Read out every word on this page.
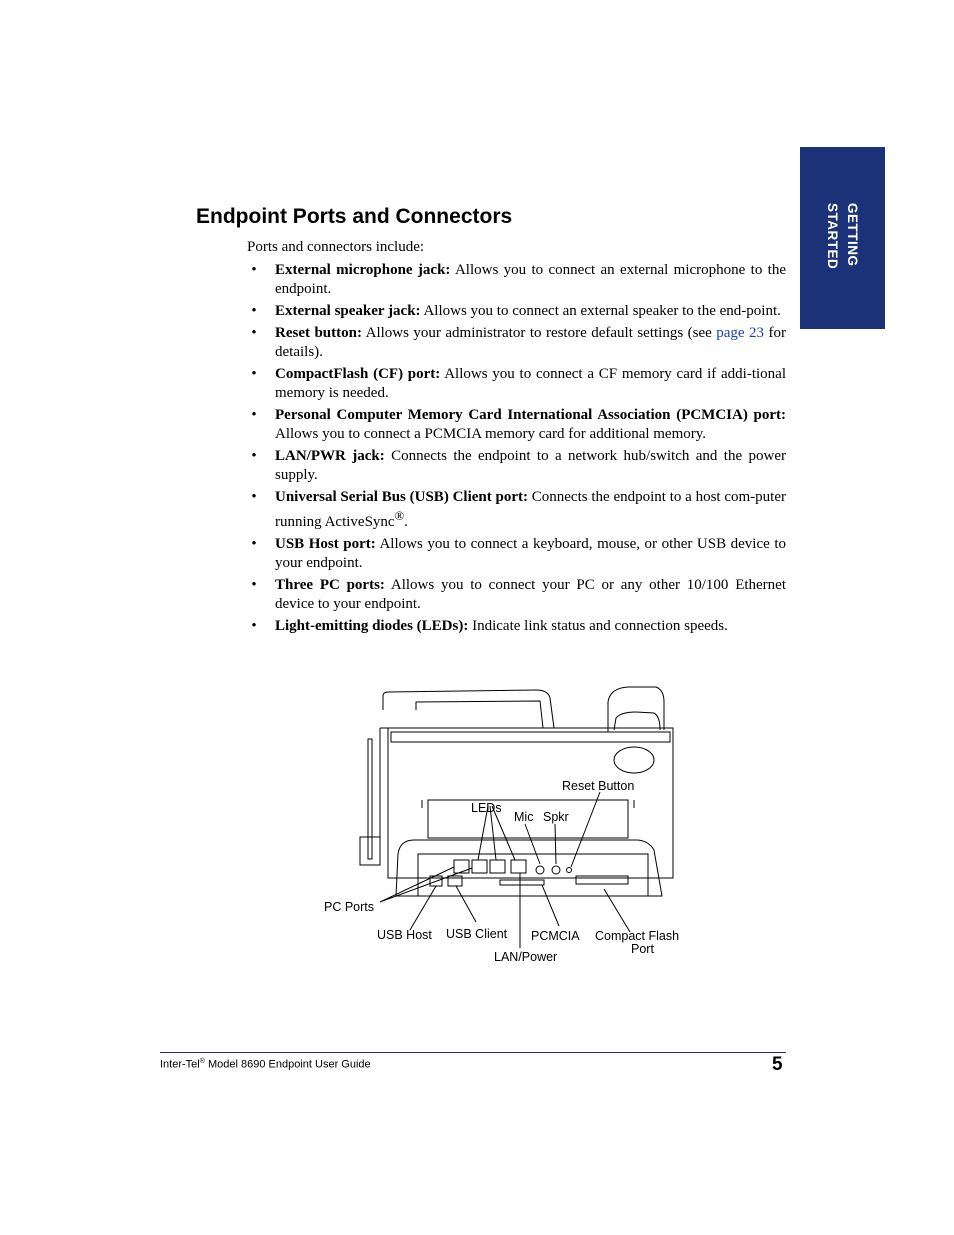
GETTING
STARTED
Endpoint Ports and Connectors
Ports and connectors include:
• External microphone jack: Allows you to connect an external microphone to the endpoint.
• External speaker jack: Allows you to connect an external speaker to the end-point.
• Reset button: Allows your administrator to restore default settings (see page 23 for details).
• CompactFlash (CF) port: Allows you to connect a CF memory card if addi-tional memory is needed.
• Personal Computer Memory Card International Association (PCMCIA) port: Allows you to connect a PCMCIA memory card for additional memory.
• LAN/PWR jack: Connects the endpoint to a network hub/switch and the power supply.
• Universal Serial Bus (USB) Client port: Connects the endpoint to a host com-puter running ActiveSync®.
• USB Host port: Allows you to connect a keyboard, mouse, or other USB device to your endpoint.
• Three PC ports: Allows you to connect your PC or any other 10/100 Ethernet device to your endpoint.
• Light-emitting diodes (LEDs): Indicate link status and connection speeds.
Reset Button
LEDs
Mic Spkr
PC Ports
USB Host USB Client PCMCIA Compact Flash
Port
LAN/Power
Inter-Tel® Model 8690 Endpoint User Guide	5
